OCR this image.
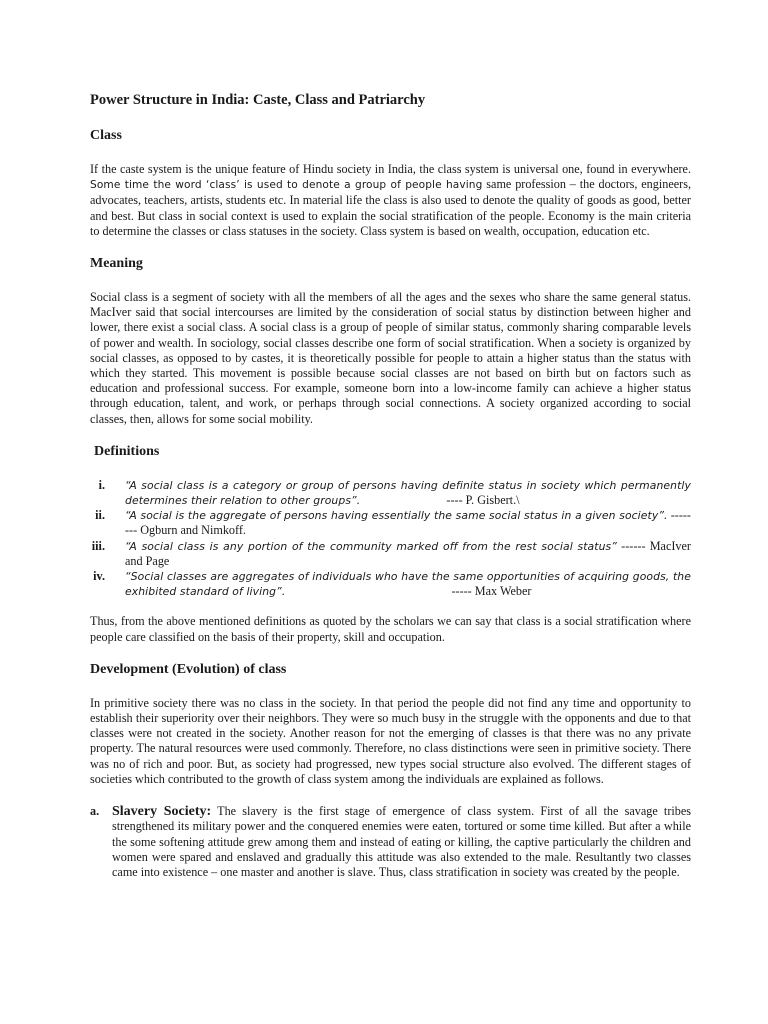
Power Structure in India: Caste, Class and Patriarchy
Class

If the caste system is the unique feature of Hindu society in India, the class system is universal one, found in everywhere. Some time the word ‘class’ is used to denote a group of people having same profession – the doctors, engineers, advocates, teachers, artists, students etc. In material life the class is also used to denote the quality of goods as good, better and best. But class in social context is used to explain the social stratification of the people. Economy is the main criteria to determine the classes or class statuses in the society. Class system is based on wealth, occupation, education etc.

Meaning

Social class is a segment of society with all the members of all the ages and the sexes who share the same general status. MacIver said that social intercourses are limited by the consideration of social status by distinction between higher and lower, there exist a social class. A social class is a group of people of similar status, commonly sharing comparable levels of power and wealth. In sociology, social classes describe one form of social stratification. When a society is organized by social classes, as opposed to by castes, it is theoretically possible for people to attain a higher status than the status with which they started. This movement is possible because social classes are not based on birth but on factors such as education and professional success. For example, someone born into a low-income family can achieve a higher status through education, talent, and work, or perhaps through social connections. A society organized according to social classes, then, allows for some social mobility.

Definitions
i. “A social class is a category or group of persons having definite status in society which permanently determines their relation to other groups”.	---- P. Gisbert.\
ii. “A social is the aggregate of persons having essentially the same social status in a given society”. -------- Ogburn and Nimkoff.
iii. “A social class is any portion of the community marked off from the rest social status” ------ MacIver and Page
iv. “Social classes are aggregates of individuals who have the same opportunities of acquiring goods, the exhibited standard of living”.	----- Max Weber

Thus, from the above mentioned definitions as quoted by the scholars we can say that class is a social stratification where people care classified on the basis of their property, skill and occupation.

Development (Evolution) of class

In primitive society there was no class in the society. In that period the people did not find any time and opportunity to establish their superiority over their neighbors. They were so much busy in the struggle with the opponents and due to that classes were not created in the society. Another reason for not the emerging of classes is that there was no any private property. The natural resources were used commonly. Therefore, no class distinctions were seen in primitive society. There was no of rich and poor. But, as society had progressed, new types social structure also evolved. The different stages of societies which contributed to the growth of class system among the individuals are explained as follows.

a. Slavery Society: The slavery is the first stage of emergence of class system. First of all the savage tribes strengthened its military power and the conquered enemies were eaten, tortured or some time killed. But after a while the some softening attitude grew among them and instead of eating or killing, the captive particularly the children and women were spared and enslaved and gradually this attitude was also extended to the male. Resultantly two classes came into existence – one master and another is slave. Thus, class stratification in society was created by the people.
